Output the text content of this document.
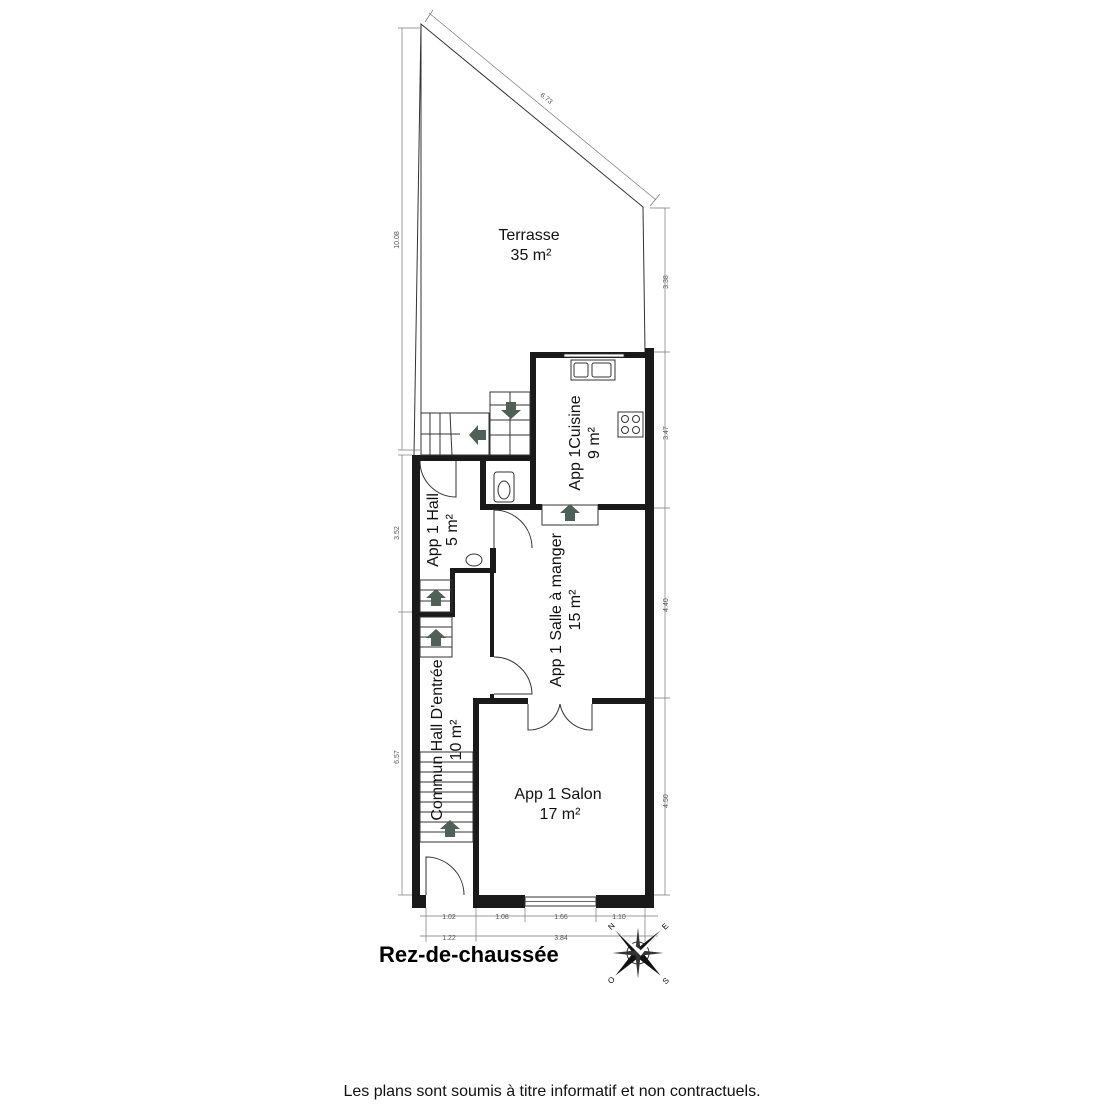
Terrasse
35 m²
App 1Cuisine 9 m²
App 1 Hall 5 m²
App 1 Salle à manger 15 m²
Commun Hall D'entrée 10 m²
App 1 Salon
17 m²
6.73
10.08
3.38
3.47
4.40
4.50
3.52
6.57
1.02	1.08	1.66	1.10
1.22	3.84
N
S
E
O
Rez-de-chaussée
Les plans sont soumis à titre informatif et non contractuels.
